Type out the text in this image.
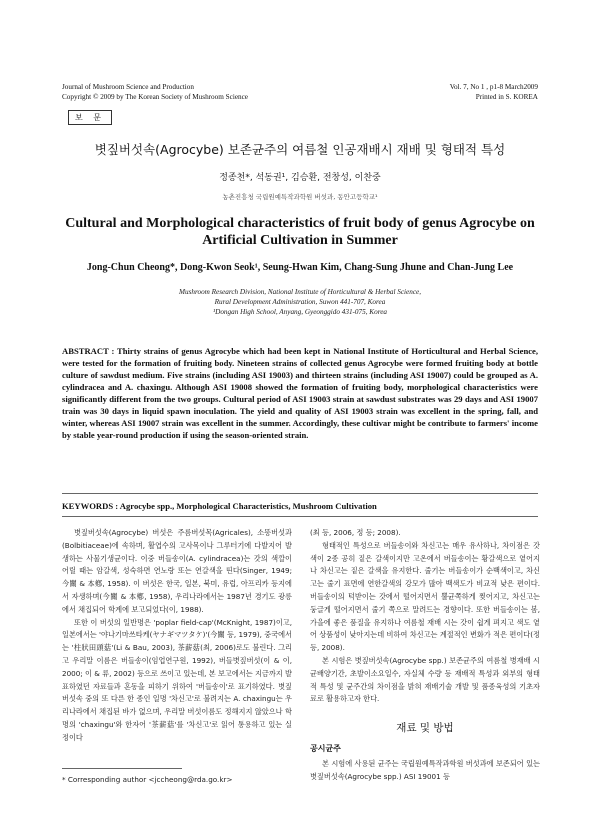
Journal of Mushroom Science and Production
Copyright © 2009 by The Korean Society of Mushroom Science
Vol. 7, No 1 , p1-8 March2009
Printed in S. KOREA
보 문
볏짚버섯속(Agrocybe) 보존균주의 여름철 인공재배시 재배 및 형태적 특성
정종천*, 석동권¹, 김승환, 전창성, 이찬중
농촌진흥청 국립원예특작과학원 버섯과, 동안고등학교¹
Cultural and Morphological characteristics of fruit body of genus Agrocybe on Artificial Cultivation in Summer
Jong-Chun Cheong*, Dong-Kwon Seok¹, Seung-Hwan Kim, Chang-Sung Jhune and Chan-Jung Lee
Mushroom Research Division, National Institute of Horticultural & Herbal Science,
Rural Development Administration, Suwon 441-707, Korea
¹Dongan High School, Anyang, Gyeonggido 431-075, Korea

ABSTRACT : Thirty strains of genus Agrocybe which had been kept in National Institute of Horticultural and Herbal Science, were tested for the formation of fruiting body. Nineteen strains of collected genus Agrocybe were formed fruiting body at bottle culture of sawdust medium. Five strains (including ASI 19003) and thirteen strains (including ASI 19007) could be grouped as A. cylindracea and A. chaxingu. Although ASI 19008 showed the formation of fruiting body, morphological characteristics were significantly different from the two groups. Cultural period of ASI 19003 strain at sawdust substrates was 29 days and ASI 19007 train was 30 days in liquid spawn inoculation. The yield and quality of ASI 19003 strain was excellent in the spring, fall, and winter, whereas ASI 19007 strain was excellent in the summer. Accordingly, these cultivar might be contribute to farmers' income by stable year-round production if using the season-oriented strain.

KEYWORDS : Agrocybe spp., Morphological Characteristics, Mushroom Cultivation

볏짚버섯속(Agrocybe) 버섯은 주름버섯목(Agricales), 소똥버섯과(Bolbitiaceae)에 속하며, 활엽수의 고사목이나 그루터기에 다발지어 발생하는 사물기생균이다. 이중 버들송이(A. cylindracea)는 갓의 색깔이 어릴 때는 암갈색, 성숙하면 연노랑 또는 연갈색을 띤다(Singer, 1949; 今關 & 本鄕, 1958). 이 버섯은 한국, 일본, 북미, 유럽, 아프리카 등지에서 자생하며(今關 & 本鄕, 1958), 우리나라에서는 1987년 경기도 광릉에서 채집되어 학계에 보고되었다(이, 1988).

또한 이 버섯의 일반명은 'poplar field-cap'(McKnight, 1987)이고, 일본에서는 '야나기마쓰타케(ヤナギマツタケ)'(今關 등, 1979), 중국에서는 '柱狀田頭菇'(Li & Bau, 2003), 茶薪菇(최, 2006)로도 불린다. 그리고 우리말 이름은 버들송이(임업연구원, 1992), 버들볏짚버섯(이 & 이, 2000; 이 & 류, 2002) 등으로 쓰이고 있는데, 본 보고에서는 지금까지 발표하였던 자료들과 혼동을 피하기 위하여 '버들송이'로 표기하였다. 볏짚버섯속 중의 또 다른 한 종인 일명 '차신고'로 불려지는 A. chaxingu는 우리나라에서 채집된 바가 없으며, 우리말 버섯이름도 정해지지 않았으나 학명의 'chaxingu'와 한자어 '茶薪菇'를 '차신고'로 읽어 통용하고 있는 실정이다

(최 등, 2006, 정 등; 2008).

형태적인 특성으로 버들송이와 차신고는 매우 유사하나, 차이점은 갓 색이 2종 공히 짙은 갈색이지만 고온에서 버들송이는 황갈색으로 옅어지나 차신고는 짙은 갈색을 유지한다. 줄기는 버들송이가 순백색이고, 차신고는 줄기 표면에 연한갈색의 강모가 많아 백색도가 비교적 낮은 편이다. 버들송이의 턱받이는 갓에서 떨어지면서 뿔균쪽하게 찢어지고, 차신고는 둥글게 떨어지면서 줄기 쪽으로 말려드는 경향이다. 또한 버들송이는 봄, 가을에 좋은 품질을 유지하나 여름철 재배 시는 갓이 쉽게 펴지고 색도 옅어 상품성이 낮아지는데 비하여 차신고는 계절적인 변화가 적은 편이다(정 등, 2008).

본 시험은 볏짚버섯속(Agrocybe spp.) 보존균주의 여름철 병재배 시 균배양기간, 초발이소요일수, 자실체 수량 등 재배적 특성과 외부의 형태적 특성 및 균주간의 차이점을 밝혀 재배기술 개발 및 품종육성의 기초자료로 활용하고자 한다.

재료 및 방법
공시균주

본 시험에 사용된 균주는 국립원예특작과학원 버섯과에 보존되어 있는 볏짚버섯속(Agrocybe spp.) ASI 19001 등

* Corresponding author <jccheong@rda.go.kr>
